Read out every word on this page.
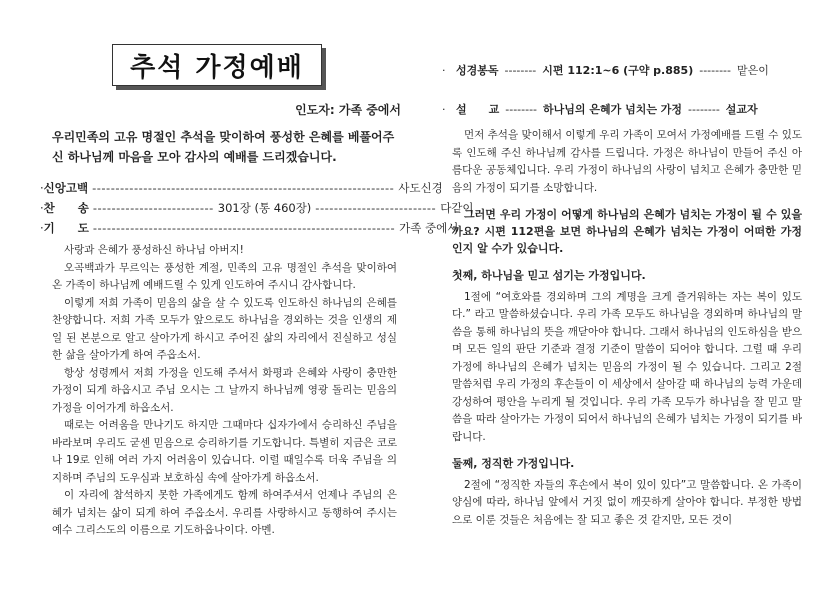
추석 가정예배
인도자: 가족 중에서
우리민족의 고유 명절인 추석을 맞이하여 풍성한 은혜를 베풀어주신 하나님께 마음을 모아 감사의 예배를 드리겠습니다.
· 신앙고백 ----------------------------------------------------------------- 사도신경
· 찬　　송 -------------------------- 301장 (통 460장) -------------------------- 다같이
· 기　　도 ----------------------------------------------------------------- 가족 중에서

사랑과 은혜가 풍성하신 하나님 아버지!

오곡백과가 무르익는 풍성한 계절, 민족의 고유 명절인 추석을 맞이하여 온 가족이 하나님께 예배드릴 수 있게 인도하여 주시니 감사합니다.

이렇게 저희 가족이 믿음의 삶을 살 수 있도록 인도하신 하나님의 은혜를 찬양합니다. 저희 가족 모두가 앞으로도 하나님을 경외하는 것을 인생의 제일 된 본분으로 알고 살아가게 하시고 주어진 삶의 자리에서 진실하고 성실한 삶을 살아가게 하여 주옵소서.

항상 성령께서 저희 가정을 인도해 주셔서 화평과 은혜와 사랑이 충만한 가정이 되게 하옵시고 주님 오시는 그 날까지 하나님께 영광 돌리는 믿음의 가정을 이어가게 하옵소서.

때로는 어려움을 만나기도 하지만 그때마다 십자가에서 승리하신 주님을 바라보며 우리도 굳센 믿음으로 승리하기를 기도합니다. 특별히 지금은 코로나 19로 인해 여러 가지 어려움이 있습니다. 이럴 때일수록 더욱 주님을 의지하며 주님의 도우심과 보호하심 속에 살아가게 하옵소서.

이 자리에 참석하지 못한 가족에게도 함께 하여주셔서 언제나 주님의 은혜가 넘치는 삶이 되게 하여 주옵소서. 우리를 사랑하시고 동행하여 주시는 예수 그리스도의 이름으로 기도하옵나이다. 아멘.

· 성경봉독 -------- 시편 112:1~6 (구약 p.885) -------- 맡은이
· 설　　교 -------- 하나님의 은혜가 넘치는 가정 -------- 설교자

먼저 추석을 맞이해서 이렇게 우리 가족이 모여서 가정예배를 드릴 수 있도록 인도해 주신 하나님께 감사를 드립니다. 가정은 하나님이 만들어 주신 아름다운 공동체입니다. 우리 가정이 하나님의 사랑이 넘치고 은혜가 충만한 믿음의 가정이 되기를 소망합니다.

그러면 우리 가정이 어떻게 하나님의 은혜가 넘치는 가정이 될 수 있을까요? 시편 112편을 보면 하나님의 은혜가 넘치는 가정이 어떠한 가정인지 알 수가 있습니다.

첫째, 하나님을 믿고 섬기는 가정입니다.

1절에 “여호와를 경외하며 그의 계명을 크게 즐거워하는 자는 복이 있도다.” 라고 말씀하셨습니다. 우리 가족 모두도 하나님을 경외하며 하나님의 말씀을 통해 하나님의 뜻을 깨닫아야 합니다. 그래서 하나님의 인도하심을 받으며 모든 일의 판단 기준과 결정 기준이 말씀이 되어야 합니다. 그럴 때 우리 가정에 하나님의 은혜가 넘치는 믿음의 가정이 될 수 있습니다. 그리고 2절 말씀처럼 우리 가정의 후손들이 이 세상에서 살아갈 때 하나님의 능력 가운데 강성하여 평안을 누리게 될 것입니다. 우리 가족 모두가 하나님을 잘 믿고 말씀을 따라 살아가는 가정이 되어서 하나님의 은혜가 넘치는 가정이 되기를 바랍니다.

둘째, 정직한 가정입니다.

2절에 “정직한 자들의 후손에서 복이 있이 있다”고 말씀합니다. 온 가족이 양심에 따라, 하나님 앞에서 거짓 없이 깨끗하게 살아야 합니다. 부정한 방법으로 이룬 것들은 처음에는 잘 되고 좋은 것 같지만, 모든 것이
